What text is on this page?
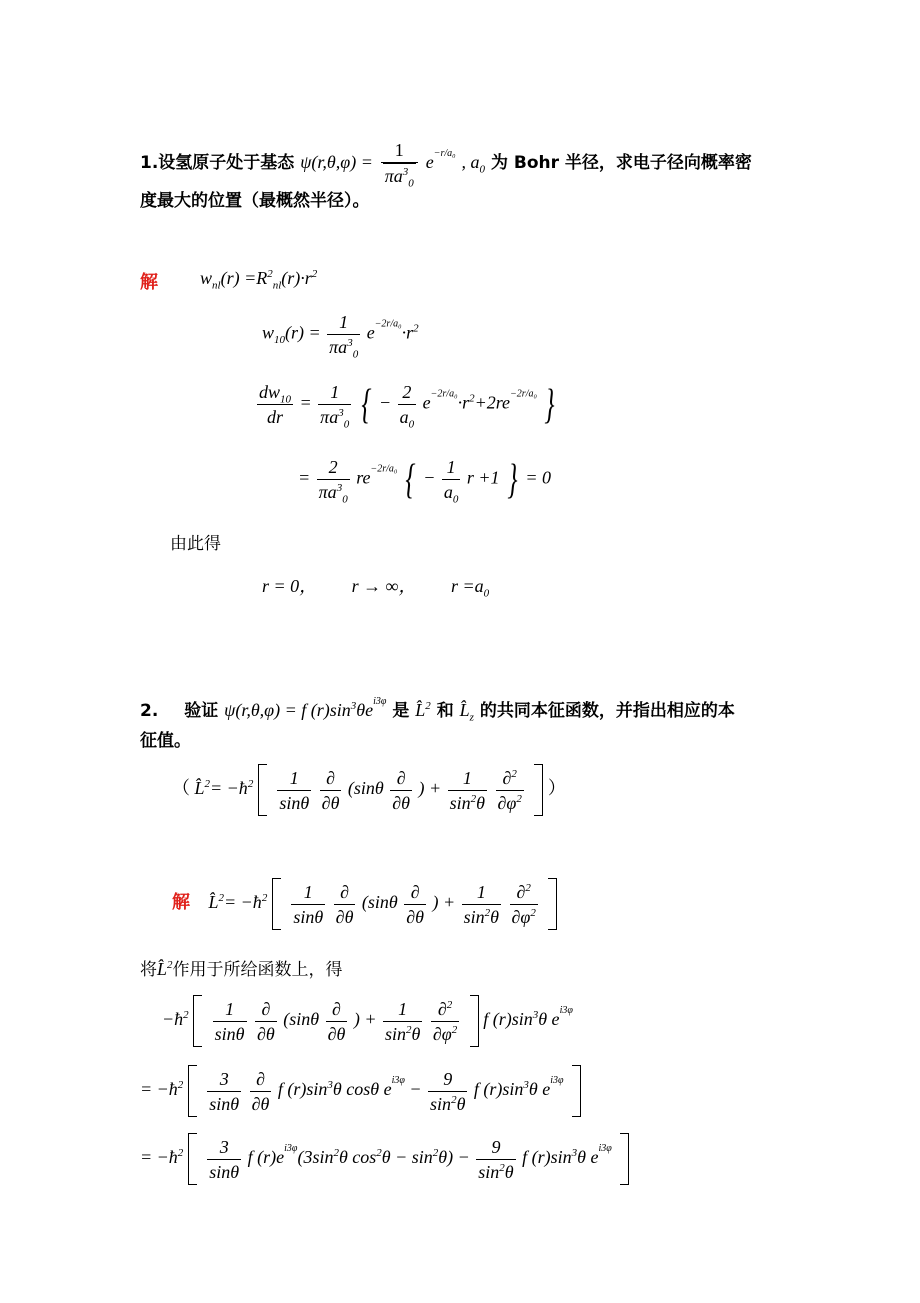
1.设氢原子处于基态 $\psi(r,\theta,\varphi) = \frac{1}{\pi a^3_0} e^{-r/a_0}$ , $a_0$ 为 Bohr 半径，求电子径向概率密
度最大的位置（最概然半径）。
解 $w_{nl}(r) =R^2_{nl}(r)\cdot r^2$
$w_{10}(r) = \frac{1}{\pi a^3_0} e^{-2r/a_0}\cdot r^2$
$\frac{dw_{10}}{dr} = \frac{1}{\pi a^3_0}$ { − $\frac{2}{a_0} e^{-2r/a_0}\cdot r^2+2re^{-2r/a_0}$ }
= $\frac{2}{\pi a^3_0} re^{-2r/a_0}$ { − $\frac{1}{a_0}$ r +1 } = 0
由此得
r = 0， r → ∞， $r =a_0$
2. 验证 ψ(r,θ,φ) = f $(r)\sin^3\theta e^{i3\varphi}$ 是 L̂$^2$ 和 $L̂_z$ 的共同本征函数，并指出相应的本
征值。
（ L̂$^2$= $-ħ^2 \frac{1}{\sin\theta}$
$\frac{\partial}{\partial\theta} (\sin\theta \frac{\partial}{\partial\theta}$ ) + $\frac{1}{\sin^2\theta}$
$\frac{\partial^2}{\partial\varphi^2}$ ）
解 L̂$^2$= $-ħ^2 \frac{1}{\sin\theta}$
$\frac{\partial}{\partial\theta} (\sin\theta \frac{\partial}{\partial\theta}$ ) + $\frac{1}{\sin^2\theta}$
$\frac{\partial^2}{\partial\varphi^2}$

将L̂$^2$作用于所给函数上，得
$-ħ^2 \frac{1}{\sin\theta}$
$\frac{\partial}{\partial\theta} (\sin\theta \frac{\partial}{\partial\theta}$ ) + $\frac{1}{\sin^2\theta}$
$\frac{\partial^2}{\partial\varphi^2}$ f $(r)\sin^3\theta$ $e^{i3\varphi}$
= $-ħ^2 \frac{3}{\sin\theta}$
$\frac{\partial}{\partial\theta}$ f $(r)\sin^3\theta$ cosθ $e^{i3\varphi} - \frac{9}{\sin^2\theta}$ f $(r)\sin^3\theta$ $e^{i3\varphi}$
= $-ħ^2 \frac{3}{\sin\theta}$ f $(r)e^{i3\varphi}(3\sin^2\theta$ $\cos^2\theta - \sin^2\theta) - \frac{9}{\sin^2\theta}$ f $(r)\sin^3\theta$ $e^{i3\varphi}$
